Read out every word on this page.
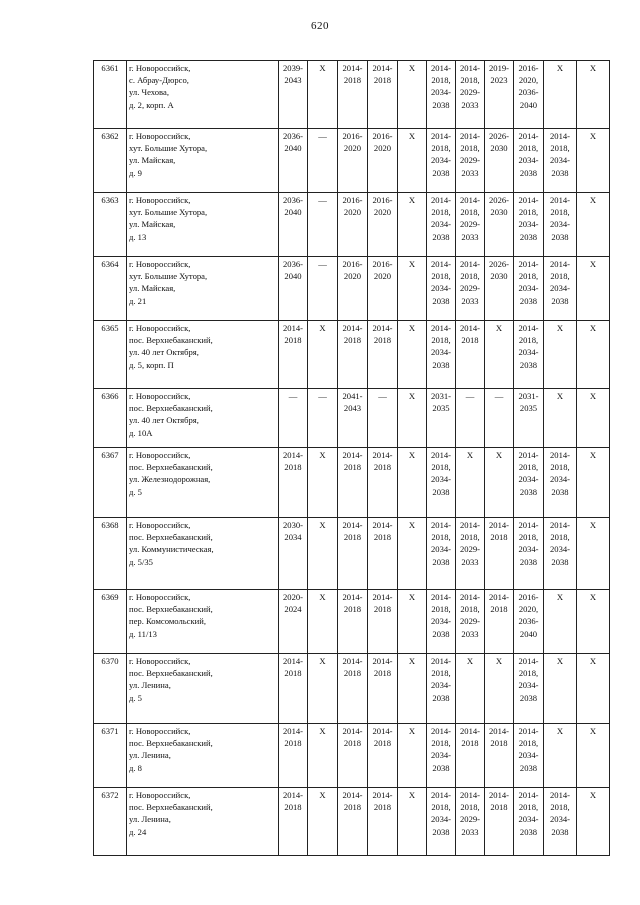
620
6361	г. Новороссийск,
с. Абрау-Дюрсо,
ул. Чехова,
д. 2, корп. А	2039-
2043	X	2014-
2018	2014-
2018	X	2014-
2018,
2034-
2038	2014-
2018,
2029-
2033	2019-
2023	2016-
2020,
2036-
2040	X	X

6362	г. Новороссийск,
хут. Большие Хутора,
ул. Майская,
д. 9	2036-
2040	—	2016-
2020	2016-
2020	X	2014-
2018,
2034-
2038	2014-
2018,
2029-
2033	2026-
2030	2014-
2018,
2034-
2038	2014-
2018,
2034-
2038	X

6363	г. Новороссийск,
хут. Большие Хутора,
ул. Майская,
д. 13	2036-
2040	—	2016-
2020	2016-
2020	X	2014-
2018,
2034-
2038	2014-
2018,
2029-
2033	2026-
2030	2014-
2018,
2034-
2038	2014-
2018,
2034-
2038	X

6364	г. Новороссийск,
хут. Большие Хутора,
ул. Майская,
д. 21	2036-
2040	—	2016-
2020	2016-
2020	X	2014-
2018,
2034-
2038	2014-
2018,
2029-
2033	2026-
2030	2014-
2018,
2034-
2038	2014-
2018,
2034-
2038	X

6365	г. Новороссийск,
пос. Верхнебаканский,
ул. 40 лет Октября,
д. 5, корп. П	2014-
2018	X	2014-
2018	2014-
2018	X	2014-
2018,
2034-
2038	2014-
2018	X	2014-
2018,
2034-
2038	X	X

6366	г. Новороссийск,
пос. Верхнебаканский,
ул. 40 лет Октября,
д. 10А	—	—	2041-
2043	—	X	2031-
2035	—	—	2031-
2035	X	X

6367	г. Новороссийск,
пос. Верхнебаканский,
ул. Железнодорожная,
д. 5	2014-
2018	X	2014-
2018	2014-
2018	X	2014-
2018,
2034-
2038	X	X	2014-
2018,
2034-
2038	2014-
2018,
2034-
2038	X

6368	г. Новороссийск,
пос. Верхнебаканский,
ул. Коммунистическая,
д. 5/35	2030-
2034	X	2014-
2018	2014-
2018	X	2014-
2018,
2034-
2038	2014-
2018,
2029-
2033	2014-
2018	2014-
2018,
2034-
2038	2014-
2018,
2034-
2038	X

6369	г. Новороссийск,
пос. Верхнебаканский,
пер. Комсомольский,
д. 11/13	2020-
2024	X	2014-
2018	2014-
2018	X	2014-
2018,
2034-
2038	2014-
2018,
2029-
2033	2014-
2018	2016-
2020,
2036-
2040	X	X

6370	г. Новороссийск,
пос. Верхнебаканский,
ул. Ленина,
д. 5	2014-
2018	X	2014-
2018	2014-
2018	X	2014-
2018,
2034-
2038	X	X	2014-
2018,
2034-
2038	X	X

6371	г. Новороссийск,
пос. Верхнебаканский,
ул. Ленина,
д. 8	2014-
2018	X	2014-
2018	2014-
2018	X	2014-
2018,
2034-
2038	2014-
2018	2014-
2018	2014-
2018,
2034-
2038	X	X

6372	г. Новороссийск,
пос. Верхнебаканский,
ул. Ленина,
д. 24	2014-
2018	X	2014-
2018	2014-
2018	X	2014-
2018,
2034-
2038	2014-
2018,
2029-
2033	2014-
2018	2014-
2018,
2034-
2038	2014-
2018,
2034-
2038	X
